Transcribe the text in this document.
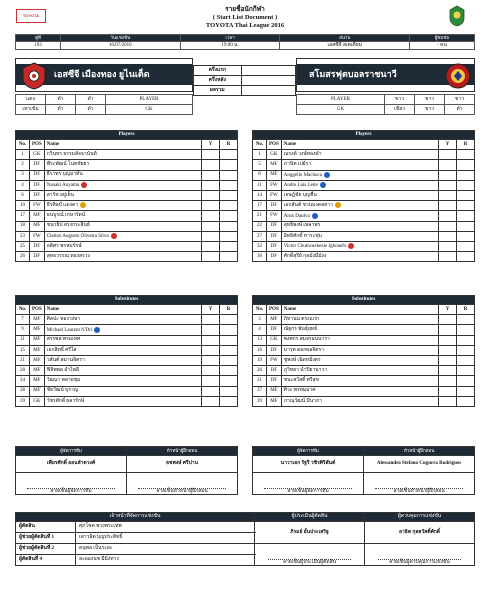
TOYOTA
รายชื่อนักกีฬา
( Start List Document )
TOYOTA Thai League 2016
คู่ที่	วันแข่งขัน	เวลา	สนาม	ผู้ชมชม
193	16/07/2016	19:00 น.	เอสซีจี สเตเดี้ยม	- คน
เอสซีจี เมืองทอง ยูไนเต็ด	สโมสรฟุตบอลราชนาวี
ครึ่งแรก	
ครึ่งหลัง	
ผลรวม	
แดง	ดำ	ดำ	PLAYER
เทาเข้ม	ดำ	ดำ	GK
PLAYER	ขาว	ขาว	ขาว
GK	เขียว	ขาว	ดำ
Players				
No.	POS	Name	Y	R
1	GK	กวินทร ธรรมสัจจานันท์		
2	DF	พีระพัฒน์ โน่ตชัยยา		
3	DF	ธีราทร บุญมาทัน		
4	DF	Naoaki Aoyama		
6	DF	สารัช อยู่เย็น		
10	FW	ธีรศิลป์ แดงดา		
17	MF	ธนบูรณ์ เกษารัตน์		
18	MF	ชนาธิป สรงกระสินธ์		
23	FW	Cleiton Augusto Oliveira Silva		
25	DF	อดิศร พรหมรักษ์		
26	DF	สุทธวรรณ ทองสรวง		
Players				
No.	POS	Name	Y	R
1	GK	ณรงค์ วงษ์ทองคำ		
5	MF	ภานิท เปย์รา		
8	MF	Anggello Machuca		
11	FW	Andre Luis Leite		
14	FW	เจษฎ์ชัย บุญชื่น		
17	DF	เอกสันต์ ชวนมงคลยาว		
21	FW	Aron Daulva		
22	DF	สุทธิพงษ์ เพลาพร		
27	DF	อิทธิศักดิ์ หาระชุ่ม		
32	DF	Victor Chukwuekezie Igbonefo		
36	DF	ศักดิ์สุรีย์ กุลมั่งมีมังง		
Substitutes				
No.	POS	Name	Y	R
7	MF	ศิลปะ ทองวงษา		
9	MF	Michael Laurent N'Dri		
11	MF	สรรพล พรมเทศ		
15	MF	เอกสิทธิ์ ศรีใส		
21	MF	วสันต์ สมานจิตรา		
28	MF	ฟิลิพพล อำไพลี		
34	MF	วัฒนา พลายชุม		
38	MF	ชัยวัฒน์ บุราญ		
39	GK	วัชรศักดิ์ ผลารักษ์		
Substitutes				
No.	POS	Name	Y	R
3	MF	ภิทานน ตรงแก่ก		
4	DF	ณัฐกร พันธุ์ยุทธ์		
13	GK	พงศกร สมจรอนนารา		
16	DF	มารุต ดอกผลจิตรา		
19	FW	ชูพงษ์ เฉิดหมิ่งตร		
26	DF	ภูวิทยา นำปิยานาวา		
31	DF	ชนะสวัสดิ์ ศรีสุข		
37	MF	ศิวะ พรหมมาศ		
39	MF	ภาณุวัฒน์ มีนาภา		
ผู้จัดการทีม	หัวหน้าผู้ฝึกสอน
เพียรศักดิ์ ออนลำดวงศ์	ธชพงษ์ ศรีปาน

ลายเซ็นผู้จัดการทีม	ลายเซ็นหัวหน้าผู้ฝึกสอน
ผู้จัดการทีม	หัวหน้าผู้ฝึกสอน
นาวาเอก รัฐรี วชิรศิริสันต์	Alessandro Stefano Cugurra Rodrigues

ลายเซ็นผู้จัดการทีม	ลายเซ็นหัวหน้าผู้ฝึกสอน
เจ้าหน้าที่จัดการแข่งขัน		ผู้ประเมินผู้ตัดสิน	ผู้ควบคุมการแข่งขัน
ผู้ตัดสิน	ศุภโชค พวงพระเทพ	ภิรมย์ อั๋นประเสริฐ	อาธิต กุลสวัสดิ์ศักดิ์
ผู้ช่วยผู้ตัดสินที่ 1	เสาวลิต บุญประสิทธิ์		
ผู้ช่วยผู้ตัดสินที่ 2	ดนุพล เป็นระยะ	ลายเซ็นผู้ประเมินผู้ตัดสิน	ลายเซ็นผู้ควบคุมการแข่งขัน
ผู้ตัดสินที่ 4	ละอองนช มีมิ่งทาง		
